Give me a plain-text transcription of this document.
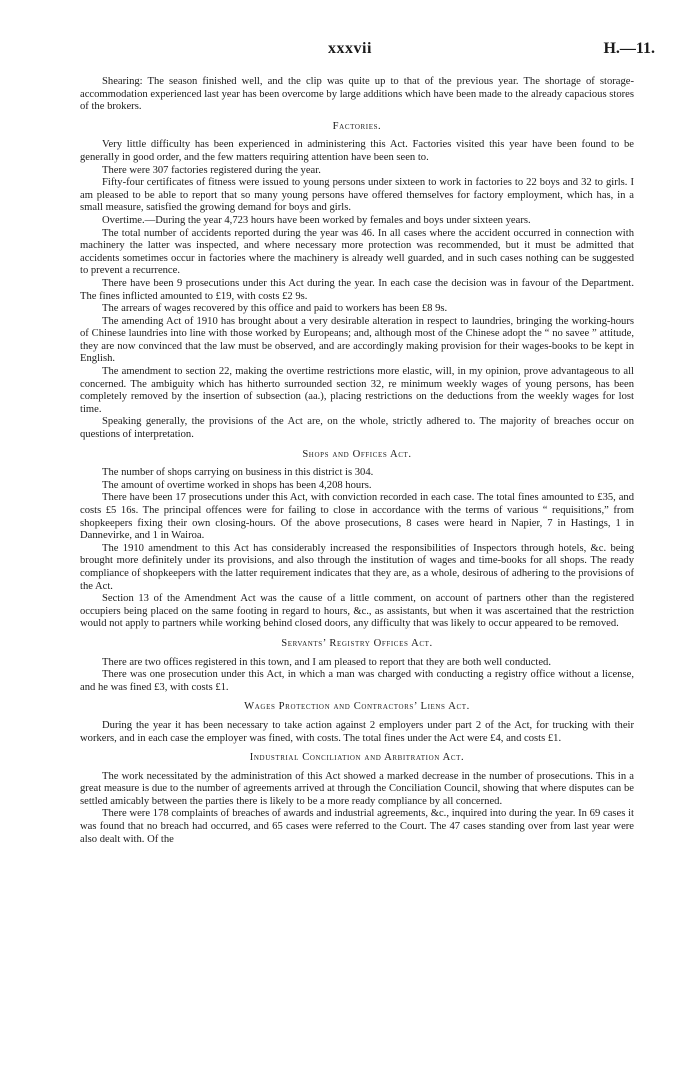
xxxvii	H.—11.

Shearing: The season finished well, and the clip was quite up to that of the previous year. The shortage of storage-accommodation experienced last year has been overcome by large additions which have been made to the already capacious stores of the brokers.

Factories.

Very little difficulty has been experienced in administering this Act. Factories visited this year have been found to be generally in good order, and the few matters requiring attention have been seen to.

There were 307 factories registered during the year.

Fifty-four certificates of fitness were issued to young persons under sixteen to work in factories to 22 boys and 32 to girls. I am pleased to be able to report that so many young persons have offered themselves for factory employment, which has, in a small measure, satisfied the growing demand for boys and girls.

Overtime.—During the year 4,723 hours have been worked by females and boys under sixteen years.

The total number of accidents reported during the year was 46. In all cases where the accident occurred in connection with machinery the latter was inspected, and where necessary more protection was recommended, but it must be admitted that accidents sometimes occur in factories where the machinery is already well guarded, and in such cases nothing can be suggested to prevent a recurrence.

There have been 9 prosecutions under this Act during the year. In each case the decision was in favour of the Department. The fines inflicted amounted to £19, with costs £2 9s.

The arrears of wages recovered by this office and paid to workers has been £8 9s.

The amending Act of 1910 has brought about a very desirable alteration in respect to laundries, bringing the working-hours of Chinese laundries into line with those worked by Europeans; and, although most of the Chinese adopt the “ no savee ” attitude, they are now convinced that the law must be observed, and are accordingly making provision for their wages-books to be kept in English.

The amendment to section 22, making the overtime restrictions more elastic, will, in my opinion, prove advantageous to all concerned. The ambiguity which has hitherto surrounded section 32, re minimum weekly wages of young persons, has been completely removed by the insertion of subsection (aa.), placing restrictions on the deductions from the weekly wages for lost time.

Speaking generally, the provisions of the Act are, on the whole, strictly adhered to. The majority of breaches occur on questions of interpretation.

Shops and Offices Act.

The number of shops carrying on business in this district is 304.

The amount of overtime worked in shops has been 4,208 hours.

There have been 17 prosecutions under this Act, with conviction recorded in each case. The total fines amounted to £35, and costs £5 16s. The principal offences were for failing to close in accordance with the terms of various “ requisitions,” from shopkeepers fixing their own closing-hours. Of the above prosecutions, 8 cases were heard in Napier, 7 in Hastings, 1 in Dannevirke, and 1 in Wairoa.

The 1910 amendment to this Act has considerably increased the responsibilities of Inspectors through hotels, &c. being brought more definitely under its provisions, and also through the institution of wages and time-books for all shops. The ready compliance of shopkeepers with the latter requirement indicates that they are, as a whole, desirous of adhering to the provisions of the Act.

Section 13 of the Amendment Act was the cause of a little comment, on account of partners other than the registered occupiers being placed on the same footing in regard to hours, &c., as assistants, but when it was ascertained that the restriction would not apply to partners while working behind closed doors, any difficulty that was likely to occur appeared to be removed.

Servants’ Registry Offices Act.

There are two offices registered in this town, and I am pleased to report that they are both well conducted.

There was one prosecution under this Act, in which a man was charged with conducting a registry office without a license, and he was fined £3, with costs £1.

Wages Protection and Contractors’ Liens Act.

During the year it has been necessary to take action against 2 employers under part 2 of the Act, for trucking with their workers, and in each case the employer was fined, with costs. The total fines under the Act were £4, and costs £1.

Industrial Conciliation and Arbitration Act.

The work necessitated by the administration of this Act showed a marked decrease in the number of prosecutions. This in a great measure is due to the number of agreements arrived at through the Conciliation Council, showing that where disputes can be settled amicably between the parties there is likely to be a more ready compliance by all concerned.

There were 178 complaints of breaches of awards and industrial agreements, &c., inquired into during the year. In 69 cases it was found that no breach had occurred, and 65 cases were referred to the Court. The 47 cases standing over from last year were also dealt with. Of the
